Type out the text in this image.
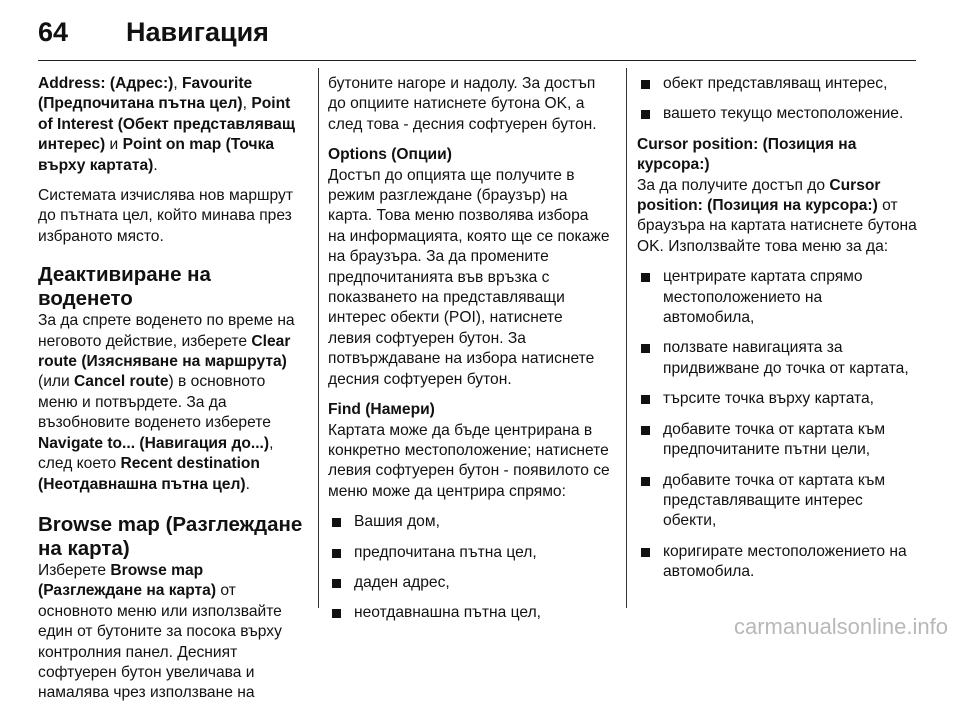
64	Навигация

Address: (Адрес:), Favourite (Предпочитана пътна цел), Point of Interest (Обект представляващ интерес) и Point on map (Точка върху картата).

Системата изчислява нов маршрут до пътната цел, който минава през избраното място.

Деактивиране на воденето

За да спрете воденето по време на неговото действие, изберете Clear route (Изясняване на маршрута) (или Cancel route) в основното меню и потвърдете. За да възобновите воденето изберете Navigate to... (Навигация до...), след което Recent destination (Неотдавнашна пътна цел).

Browse map (Разглеждане на карта)

Изберете Browse map (Разглеждане на карта) от основното меню или използвайте един от бутоните за посока върху контролния панел. Десният софтуерен бутон увеличава и намалява чрез използване на

бутоните нагоре и надолу. За достъп до опциите натиснете бутона OK, а след това - десния софтуерен бутон.

Options (Опции)

Достъп до опцията ще получите в режим разглеждане (браузър) на карта. Това меню позволява избора на информацията, която ще се покаже на браузъра. За да промените предпочитанията във връзка с показването на представляващи интерес обекти (POI), натиснете левия софтуерен бутон. За потвърждаване на избора натиснете десния софтуерен бутон.

Find (Намери)

Картата може да бъде центрирана в конкретно местоположение; натиснете левия софтуерен бутон - появилото се меню може да центрира спрямо:

Вашия дом,
предпочитана пътна цел,
даден адрес,
неотдавнашна пътна цел,
обект представляващ интерес,
вашето текущо местоположение.
Cursor position: (Позиция на курсора:)

За да получите достъп до Cursor position: (Позиция на курсора:) от браузъра на картата натиснете бутона OK. Използвайте това меню за да:

центрирате картата спрямо местоположението на автомобила,
ползвате навигацията за придвижване до точка от картата,
търсите точка върху картата,
добавите точка от картата към предпочитаните пътни цели,
добавите точка от картата към представляващите интерес обекти,
коригирате местоположението на автомобила.
carmanualsonline.info
